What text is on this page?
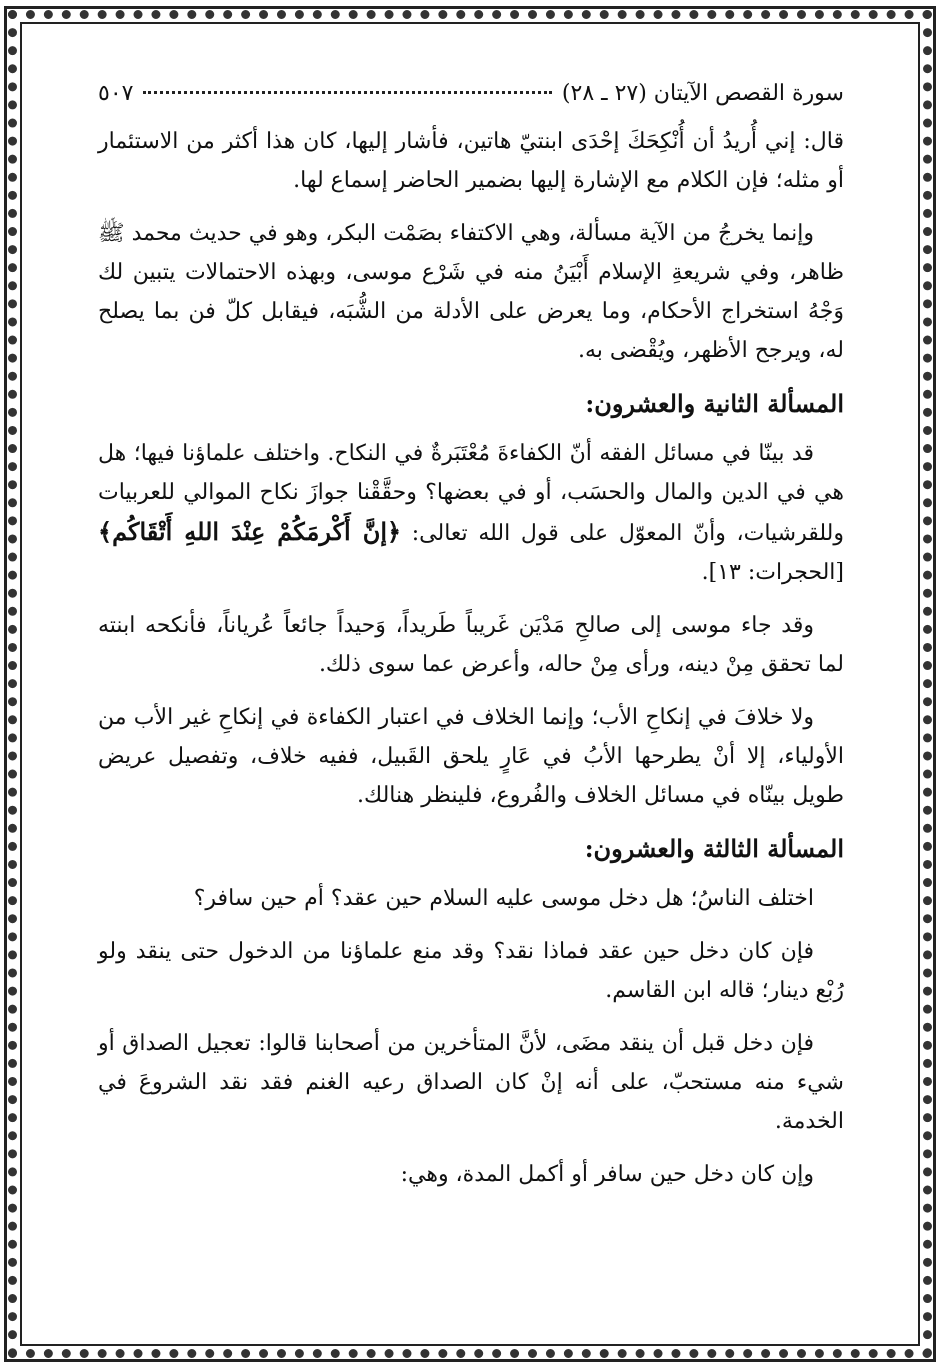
سورة القصص الآيتان (٢٧ ـ ٢٨)
٥٠٧

قال: إني أُريدُ أن أُنْكِحَكَ إحْدَى ابنتيّ هاتين، فأشار إليها، كان هذا أكثر من الاستئمار أو مثله؛ فإن الكلام مع الإشارة إليها بضمير الحاضر إسماع لها.

وإنما يخرجُ من الآية مسألة، وهي الاكتفاء بصَمْت البكر، وهو في حديث محمد ﷺ ظاهر، وفي شريعةِ الإسلام أَبْيَنُ منه في شَرْع موسى، وبهذه الاحتمالات يتبين لك وَجْهُ استخراج الأحكام، وما يعرض على الأدلة من الشُّبَه، فيقابل كلّ فن بما يصلح له، ويرجح الأظهر، ويُقْضى به.

المسألة الثانية والعشرون:

قد بينّا في مسائل الفقه أنّ الكفاءةَ مُعْتَبَرةٌ في النكاح. واختلف علماؤنا فيها؛ هل هي في الدين والمال والحسَب، أو في بعضها؟ وحقَّقْنا جوازَ نكاح الموالي للعربيات وللقرشيات، وأنّ المعوّل على قول الله تعالى: ﴿إنَّ أَكْرمَكُمْ عِنْدَ اللهِ أَتْقَاكُم﴾ [الحجرات: ١٣].

وقد جاء موسى إلى صالحِ مَدْيَن غَريباً طَريداً، وَحيداً جائعاً عُرياناً، فأنكحه ابنته لما تحقق مِنْ دينه، ورأى مِنْ حاله، وأعرض عما سوى ذلك.

ولا خلافَ في إنكاحِ الأب؛ وإنما الخلاف في اعتبار الكفاءة في إنكاحِ غير الأب من الأولياء، إلا أنْ يطرحها الأبُ في عَارٍ يلحق القَبيل، ففيه خلاف، وتفصيل عريض طويل بينّاه في مسائل الخلاف والفُروع، فلينظر هنالك.

المسألة الثالثة والعشرون:

اختلف الناسُ؛ هل دخل موسى عليه السلام حين عقد؟ أم حين سافر؟

فإن كان دخل حين عقد فماذا نقد؟ وقد منع علماؤنا من الدخول حتى ينقد ولو رُبْع دينار؛ قاله ابن القاسم.

فإن دخل قبل أن ينقد مضَى، لأنَّ المتأخرين من أصحابنا قالوا: تعجيل الصداق أو شيء منه مستحبّ، على أنه إنْ كان الصداق رعيه الغنم فقد نقد الشروعَ في الخدمة.

وإن كان دخل حين سافر أو أكمل المدة، وهي:
